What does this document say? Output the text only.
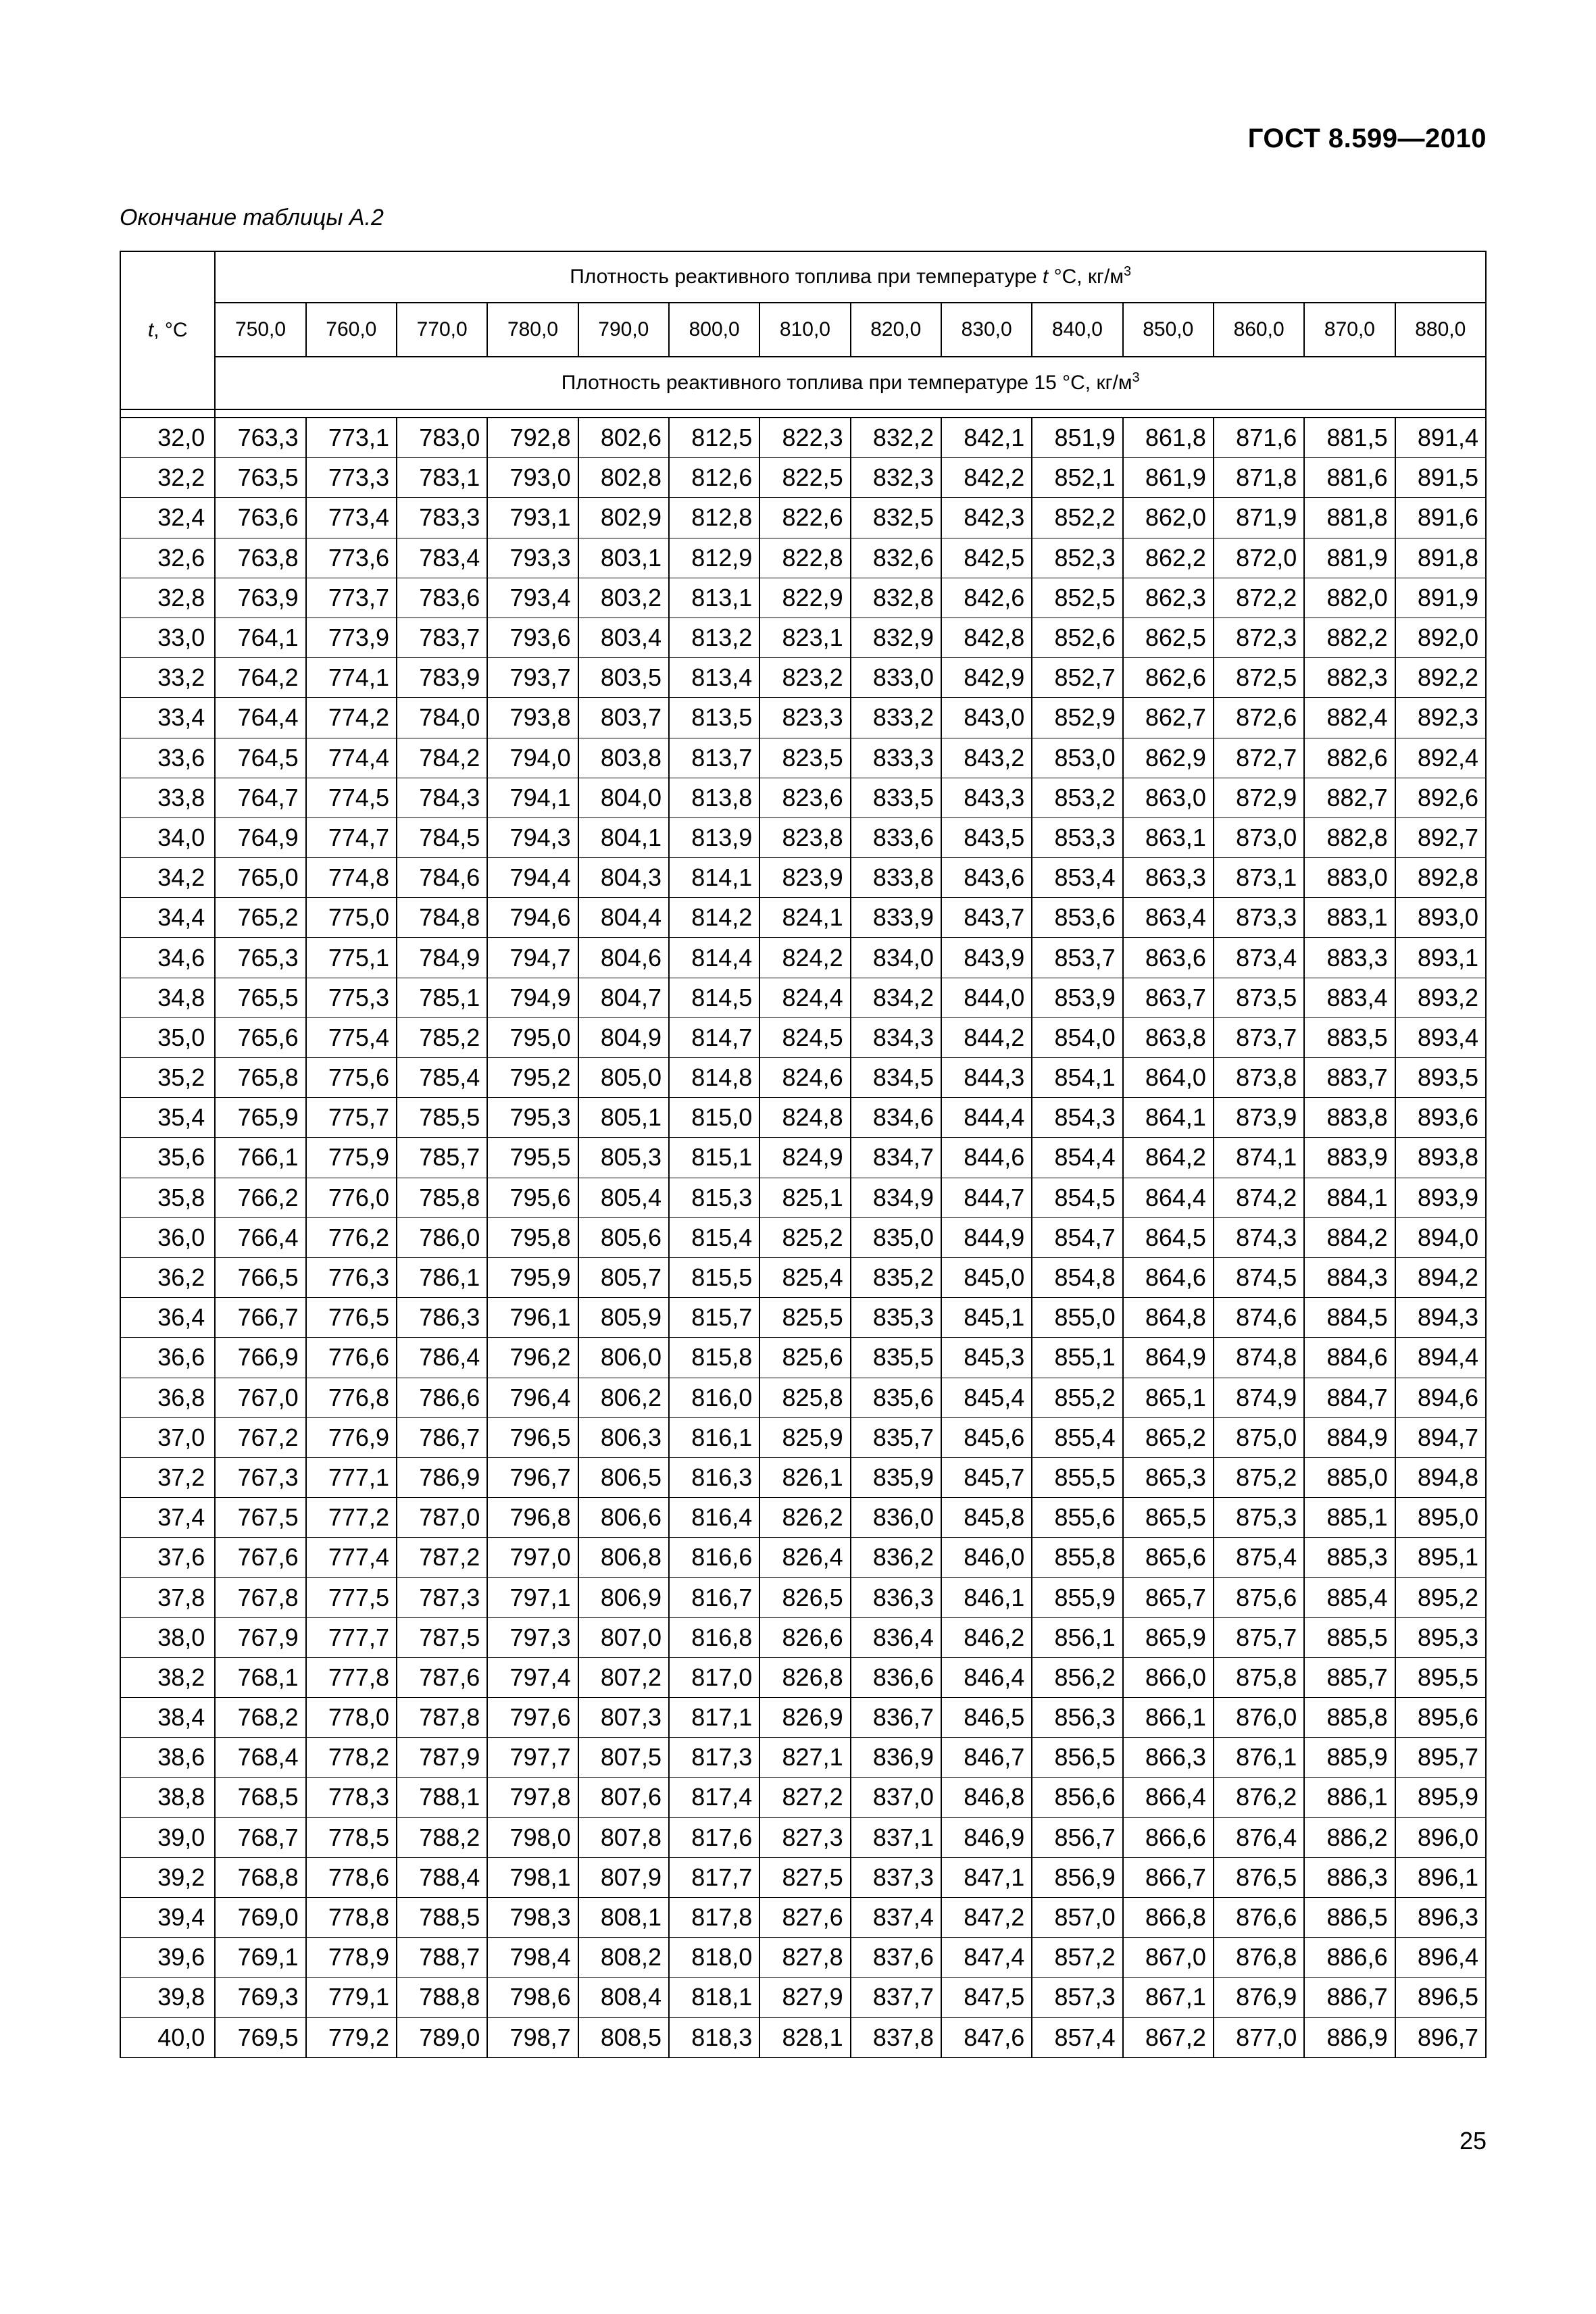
ГОСТ 8.599—2010
Окончание таблицы А.2
t, °С	Плотность реактивного топлива при температуре t °С, $кг/м^3$
	750,0	760,0	770,0	780,0	790,0	800,0	810,0	820,0	830,0	840,0	850,0	860,0	870,0	880,0
	Плотность реактивного топлива при температуре 15 °С, $кг/м^3$

32,0	763,3	773,1	783,0	792,8	802,6	812,5	822,3	832,2	842,1	851,9	861,8	871,6	881,5	891,4
32,2	763,5	773,3	783,1	793,0	802,8	812,6	822,5	832,3	842,2	852,1	861,9	871,8	881,6	891,5
32,4	763,6	773,4	783,3	793,1	802,9	812,8	822,6	832,5	842,3	852,2	862,0	871,9	881,8	891,6
32,6	763,8	773,6	783,4	793,3	803,1	812,9	822,8	832,6	842,5	852,3	862,2	872,0	881,9	891,8
32,8	763,9	773,7	783,6	793,4	803,2	813,1	822,9	832,8	842,6	852,5	862,3	872,2	882,0	891,9
33,0	764,1	773,9	783,7	793,6	803,4	813,2	823,1	832,9	842,8	852,6	862,5	872,3	882,2	892,0
33,2	764,2	774,1	783,9	793,7	803,5	813,4	823,2	833,0	842,9	852,7	862,6	872,5	882,3	892,2
33,4	764,4	774,2	784,0	793,8	803,7	813,5	823,3	833,2	843,0	852,9	862,7	872,6	882,4	892,3
33,6	764,5	774,4	784,2	794,0	803,8	813,7	823,5	833,3	843,2	853,0	862,9	872,7	882,6	892,4
33,8	764,7	774,5	784,3	794,1	804,0	813,8	823,6	833,5	843,3	853,2	863,0	872,9	882,7	892,6
34,0	764,9	774,7	784,5	794,3	804,1	813,9	823,8	833,6	843,5	853,3	863,1	873,0	882,8	892,7
34,2	765,0	774,8	784,6	794,4	804,3	814,1	823,9	833,8	843,6	853,4	863,3	873,1	883,0	892,8
34,4	765,2	775,0	784,8	794,6	804,4	814,2	824,1	833,9	843,7	853,6	863,4	873,3	883,1	893,0
34,6	765,3	775,1	784,9	794,7	804,6	814,4	824,2	834,0	843,9	853,7	863,6	873,4	883,3	893,1
34,8	765,5	775,3	785,1	794,9	804,7	814,5	824,4	834,2	844,0	853,9	863,7	873,5	883,4	893,2
35,0	765,6	775,4	785,2	795,0	804,9	814,7	824,5	834,3	844,2	854,0	863,8	873,7	883,5	893,4
35,2	765,8	775,6	785,4	795,2	805,0	814,8	824,6	834,5	844,3	854,1	864,0	873,8	883,7	893,5
35,4	765,9	775,7	785,5	795,3	805,1	815,0	824,8	834,6	844,4	854,3	864,1	873,9	883,8	893,6
35,6	766,1	775,9	785,7	795,5	805,3	815,1	824,9	834,7	844,6	854,4	864,2	874,1	883,9	893,8
35,8	766,2	776,0	785,8	795,6	805,4	815,3	825,1	834,9	844,7	854,5	864,4	874,2	884,1	893,9
36,0	766,4	776,2	786,0	795,8	805,6	815,4	825,2	835,0	844,9	854,7	864,5	874,3	884,2	894,0
36,2	766,5	776,3	786,1	795,9	805,7	815,5	825,4	835,2	845,0	854,8	864,6	874,5	884,3	894,2
36,4	766,7	776,5	786,3	796,1	805,9	815,7	825,5	835,3	845,1	855,0	864,8	874,6	884,5	894,3
36,6	766,9	776,6	786,4	796,2	806,0	815,8	825,6	835,5	845,3	855,1	864,9	874,8	884,6	894,4
36,8	767,0	776,8	786,6	796,4	806,2	816,0	825,8	835,6	845,4	855,2	865,1	874,9	884,7	894,6
37,0	767,2	776,9	786,7	796,5	806,3	816,1	825,9	835,7	845,6	855,4	865,2	875,0	884,9	894,7
37,2	767,3	777,1	786,9	796,7	806,5	816,3	826,1	835,9	845,7	855,5	865,3	875,2	885,0	894,8
37,4	767,5	777,2	787,0	796,8	806,6	816,4	826,2	836,0	845,8	855,6	865,5	875,3	885,1	895,0
37,6	767,6	777,4	787,2	797,0	806,8	816,6	826,4	836,2	846,0	855,8	865,6	875,4	885,3	895,1
37,8	767,8	777,5	787,3	797,1	806,9	816,7	826,5	836,3	846,1	855,9	865,7	875,6	885,4	895,2
38,0	767,9	777,7	787,5	797,3	807,0	816,8	826,6	836,4	846,2	856,1	865,9	875,7	885,5	895,3
38,2	768,1	777,8	787,6	797,4	807,2	817,0	826,8	836,6	846,4	856,2	866,0	875,8	885,7	895,5
38,4	768,2	778,0	787,8	797,6	807,3	817,1	826,9	836,7	846,5	856,3	866,1	876,0	885,8	895,6
38,6	768,4	778,2	787,9	797,7	807,5	817,3	827,1	836,9	846,7	856,5	866,3	876,1	885,9	895,7
38,8	768,5	778,3	788,1	797,8	807,6	817,4	827,2	837,0	846,8	856,6	866,4	876,2	886,1	895,9
39,0	768,7	778,5	788,2	798,0	807,8	817,6	827,3	837,1	846,9	856,7	866,6	876,4	886,2	896,0
39,2	768,8	778,6	788,4	798,1	807,9	817,7	827,5	837,3	847,1	856,9	866,7	876,5	886,3	896,1
39,4	769,0	778,8	788,5	798,3	808,1	817,8	827,6	837,4	847,2	857,0	866,8	876,6	886,5	896,3
39,6	769,1	778,9	788,7	798,4	808,2	818,0	827,8	837,6	847,4	857,2	867,0	876,8	886,6	896,4
39,8	769,3	779,1	788,8	798,6	808,4	818,1	827,9	837,7	847,5	857,3	867,1	876,9	886,7	896,5
40,0	769,5	779,2	789,0	798,7	808,5	818,3	828,1	837,8	847,6	857,4	867,2	877,0	886,9	896,7
25
